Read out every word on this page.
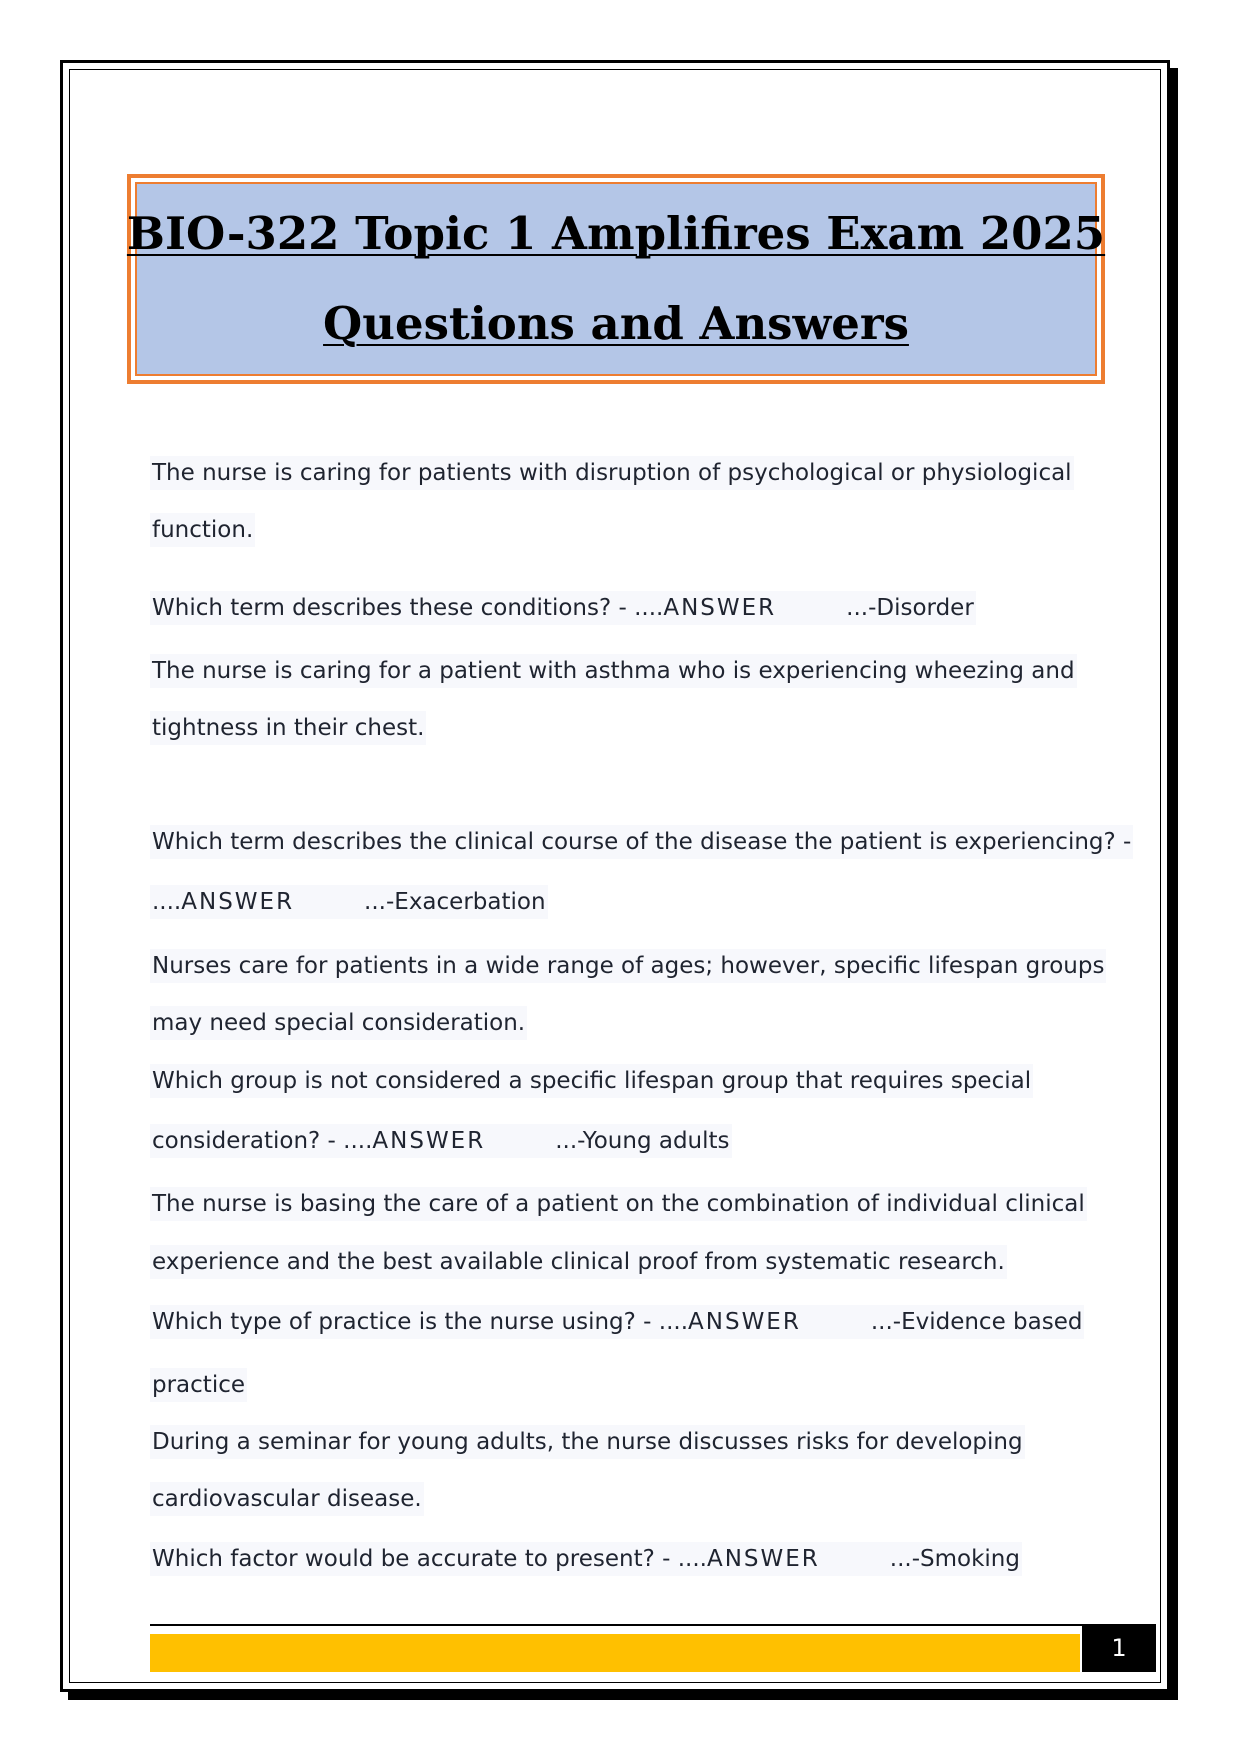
BIO-322 Topic 1 Amplifires Exam 2025
Questions and Answers
The nurse is caring for patients with disruption of psychological or physiological
function.
Which term describes these conditions? - ....ANSWER	...-Disorder
The nurse is caring for a patient with asthma who is experiencing wheezing and
tightness in their chest.
Which term describes the clinical course of the disease the patient is experiencing? -
....ANSWER	...-Exacerbation
Nurses care for patients in a wide range of ages; however, specific lifespan groups
may need special consideration.
Which group is not considered a specific lifespan group that requires special
consideration? - ....ANSWER	...-Young adults
The nurse is basing the care of a patient on the combination of individual clinical
experience and the best available clinical proof from systematic research.
Which type of practice is the nurse using? - ....ANSWER	...-Evidence based
practice
During a seminar for young adults, the nurse discusses risks for developing
cardiovascular disease.
Which factor would be accurate to present? - ....ANSWER	...-Smoking
1
